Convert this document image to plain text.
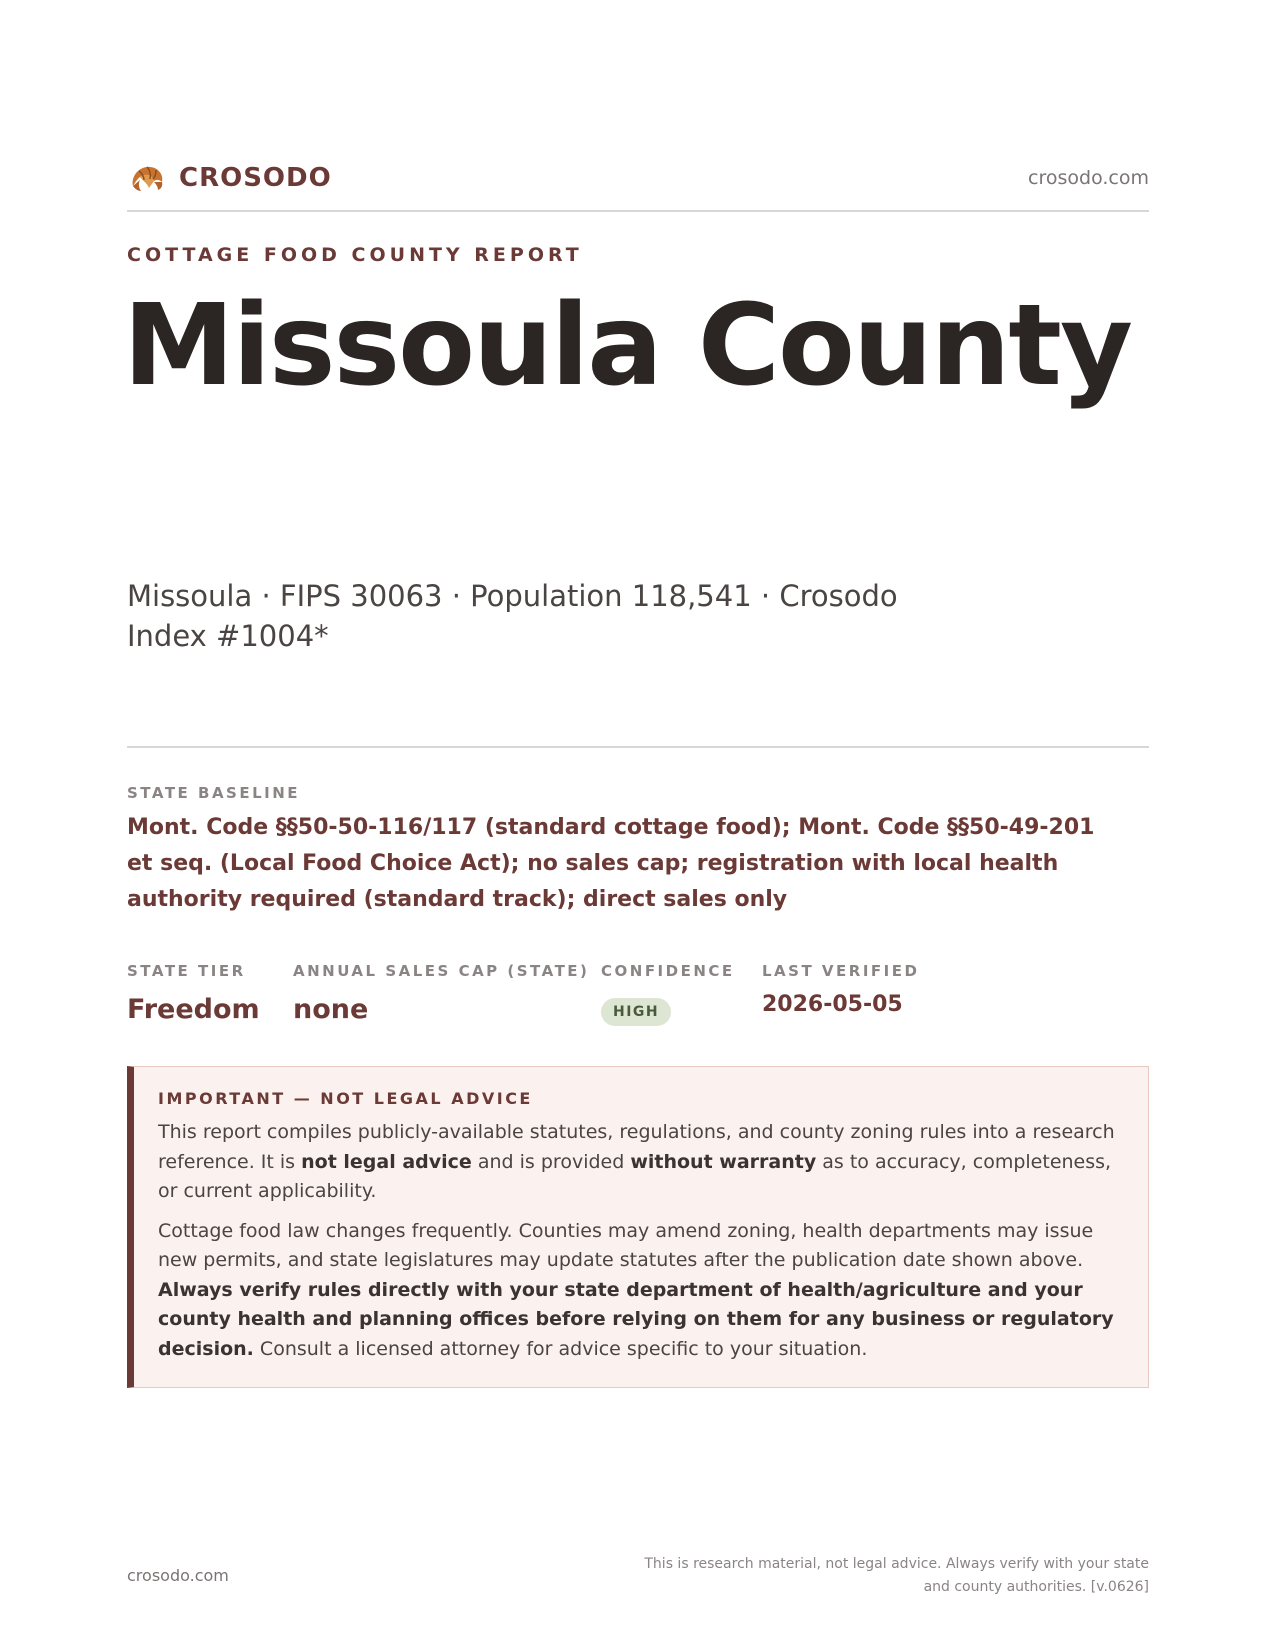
CROSODO	crosodo.com
COTTAGE FOOD COUNTY REPORT
Missoula County
Missoula · FIPS 30063 · Population 118,541 · Crosodo Index #1004*
STATE BASELINE
Mont. Code §§50-50-116/117 (standard cottage food); Mont. Code §§50-49-201 et seq. (Local Food Choice Act); no sales cap; registration with local health authority required (standard track); direct sales only
STATE TIER
Freedom
ANNUAL SALES CAP (STATE)
none
CONFIDENCE
HIGH
LAST VERIFIED
2026-05-05
IMPORTANT — NOT LEGAL ADVICE

This report compiles publicly-available statutes, regulations, and county zoning rules into a research reference. It is not legal advice and is provided without warranty as to accuracy, completeness, or current applicability.

Cottage food law changes frequently. Counties may amend zoning, health departments may issue new permits, and state legislatures may update statutes after the publication date shown above. Always verify rules directly with your state department of health/agriculture and your county health and planning offices before relying on them for any business or regulatory decision. Consult a licensed attorney for advice specific to your situation.

crosodo.com
This is research material, not legal advice. Always verify with your state
and county authorities. [v.0626]
